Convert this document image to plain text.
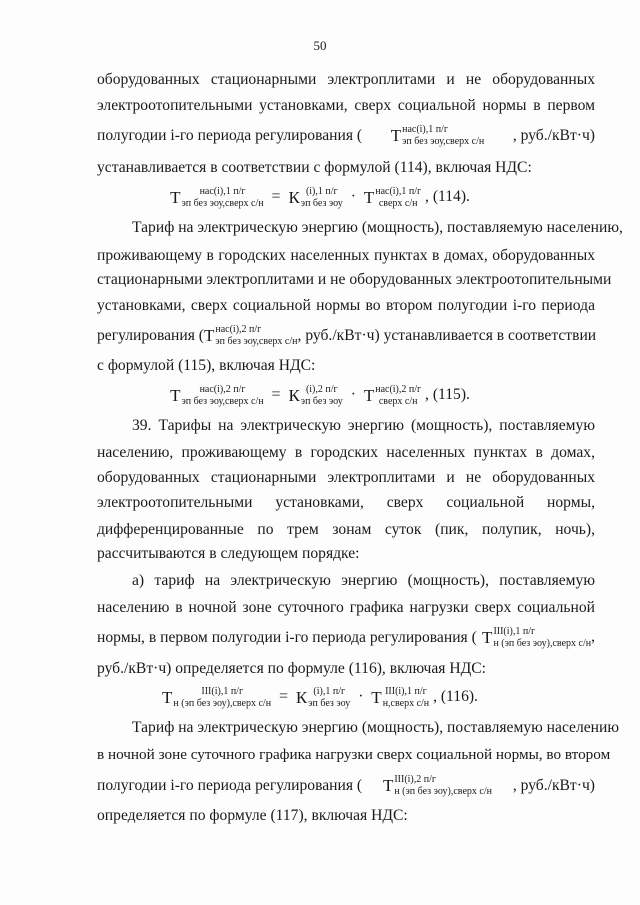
50
оборудованных стационарными электроплитами и не оборудованных
электроотопительными установками, сверх социальной нормы в первом
полугодии i-го периода регулирования ( Т нас(i),1 п/г
эп без эоу,сверх с/н , руб./кВт·ч)
устанавливается в соответствии с формулой (114), включая НДС:
Т	нас(i),1 п/г
эп без эоу,сверх с/н = К (i),1 п/г
эп без эоу · Т нас(i),1 п/г
сверх с/н , (114).
Тариф на электрическую энергию (мощность), поставляемую населению,
проживающему в городских населенных пунктах в домах, оборудованных
стационарными электроплитами и не оборудованных электроотопительными
установками, сверх социальной нормы во втором полугодии i-го периода
регулирования ( Т нас(i),2 п/г
эп без эоу,сверх с/н , руб./кВт·ч) устанавливается в соответствии
с формулой (115), включая НДС:
Т	нас(i),2 п/г
эп без эоу,сверх с/н = К (i),2 п/г
эп без эоу · Т нас(i),2 п/г
сверх с/н , (115).
39. Тарифы на электрическую энергию (мощность), поставляемую
населению, проживающему в городских населенных пунктах в домах,
оборудованных стационарными электроплитами и не оборудованных
электроотопительными установками, сверх социальной нормы,
дифференцированные по трем зонам суток (пик, полупик, ночь),
рассчитываются в следующем порядке:
а) тариф на электрическую энергию (мощность), поставляемую
населению в ночной зоне суточного графика нагрузки сверх социальной
нормы, в первом полугодии i-го периода регулирования ( Т III(i),1 п/г
н (эп без эоу),сверх с/н ,
руб./кВт·ч) определяется по формуле (116), включая НДС:
Т	III(i),1 п/г
н (эп без эоу),сверх с/н = К (i),1 п/г
эп без эоу · Т III(i),1 п/г
н,сверх с/н , (116).
Тариф на электрическую энергию (мощность), поставляемую населению
в ночной зоне суточного графика нагрузки сверх социальной нормы, во втором
полугодии i-го периода регулирования ( Т III(i),2 п/г
н (эп без эоу),сверх с/н , руб./кВт·ч)
определяется по формуле (117), включая НДС:
